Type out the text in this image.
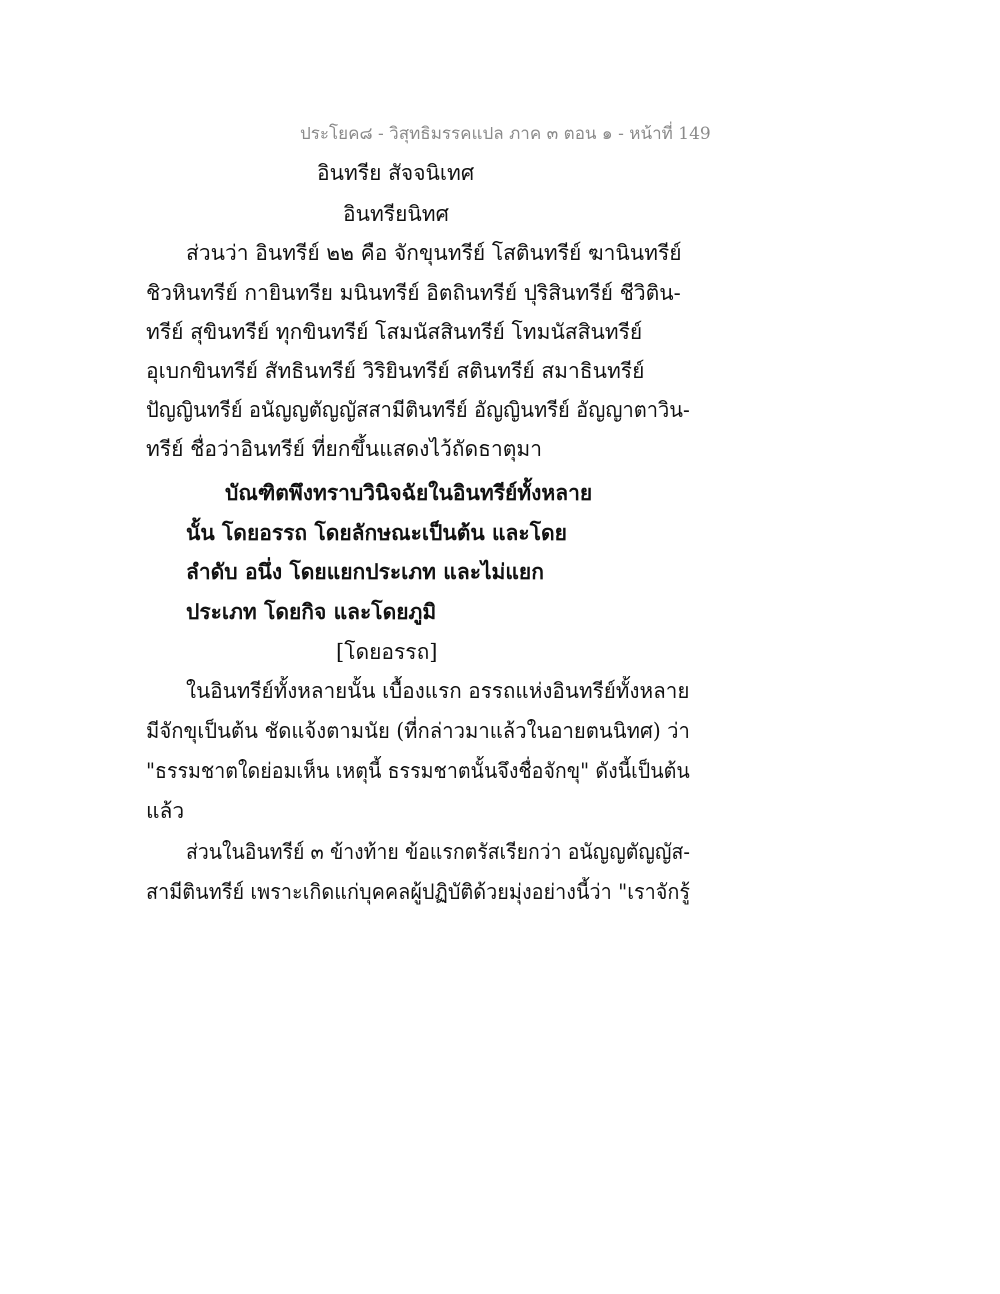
ประโยค๘ - วิสุทธิมรรคแปล ภาค ๓ ตอน ๑ - หน้าที่ 149
อินทรีย สัจจนิเทศ
อินทรียนิทศ
ส่วนว่า อินทรีย์ ๒๒ คือ จักขุนทรีย์ โสตินทรีย์ ฆานินทรีย์
ชิวหินทรีย์ กายินทรีย มนินทรีย์ อิตถินทรีย์ ปุริสินทรีย์ ชีวิติน-
ทรีย์ สุขินทรีย์ ทุกขินทรีย์ โสมนัสสินทรีย์ โทมนัสสินทรีย์
อุเบกขินทรีย์ สัทธินทรีย์ วิริยินทรีย์ สตินทรีย์ สมาธินทรีย์
ปัญญินทรีย์ อนัญญตัญญัสสามีตินทรีย์ อัญญินทรีย์ อัญญาตาวิน-
ทรีย์ ชื่อว่าอินทรีย์ ที่ยกขึ้นแสดงไว้ถัดธาตุมา
บัณฑิตพึงทราบวินิจฉัยในอินทรีย์ทั้งหลาย
นั้น โดยอรรถ โดยลักษณะเป็นต้น และโดย
ลำดับ อนึ่ง โดยแยกประเภท และไม่แยก
ประเภท โดยกิจ และโดยภูมิ
[โดยอรรถ]
ในอินทรีย์ทั้งหลายนั้น เบื้องแรก อรรถแห่งอินทรีย์ทั้งหลาย
มีจักขุเป็นต้น ชัดแจ้งตามนัย (ที่กล่าวมาแล้วในอายตนนิทศ) ว่า
"ธรรมชาตใดย่อมเห็น เหตุนี้ ธรรมชาตนั้นจึงชื่อจักขุ" ดังนี้เป็นต้น
แล้ว
ส่วนในอินทรีย์ ๓ ข้างท้าย ข้อแรกตรัสเรียกว่า อนัญญตัญญัส-
สามีตินทรีย์ เพราะเกิดแก่บุคคลผู้ปฏิบัติด้วยมุ่งอย่างนี้ว่า "เราจักรู้
